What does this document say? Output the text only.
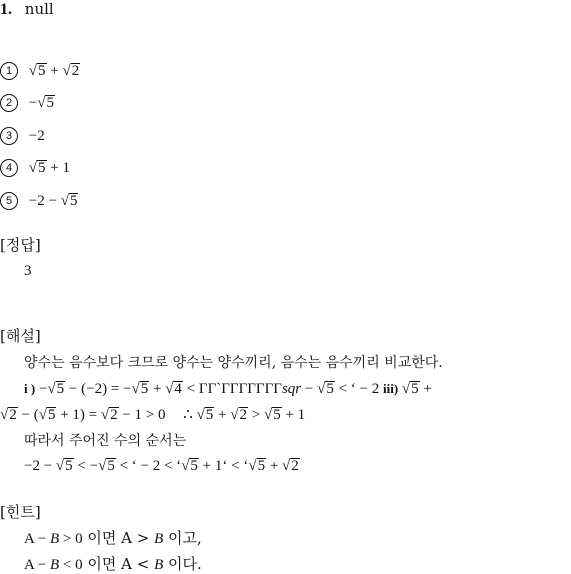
1. null
1 √5 + √2
2 −√5
3 −2
4 √5 + 1
5 −2 − √5
[정답]
3
[해설]
양수는 음수보다 크므로 양수는 양수끼리, 음수는 음수끼리 비교한다.
i ) −√5 − (−2) = −√5 + √4 < ΓΓ`ΓΓΓΓΓΓΓsqr − √5 < ‘ − 2 iii) √5 +
√2 − (√5 + 1) = √2 − 1 > 0 ∴ √5 + √2 > √5 + 1
따라서 주어진 수의 순서는
−2 − √5 < −√5 < ‘ − 2 < ‘√5 + 1‘ < ‘√5 + √2
[힌트]
A − B > 0 이면 A > B 이고,
A − B < 0 이면 A < B 이다.
